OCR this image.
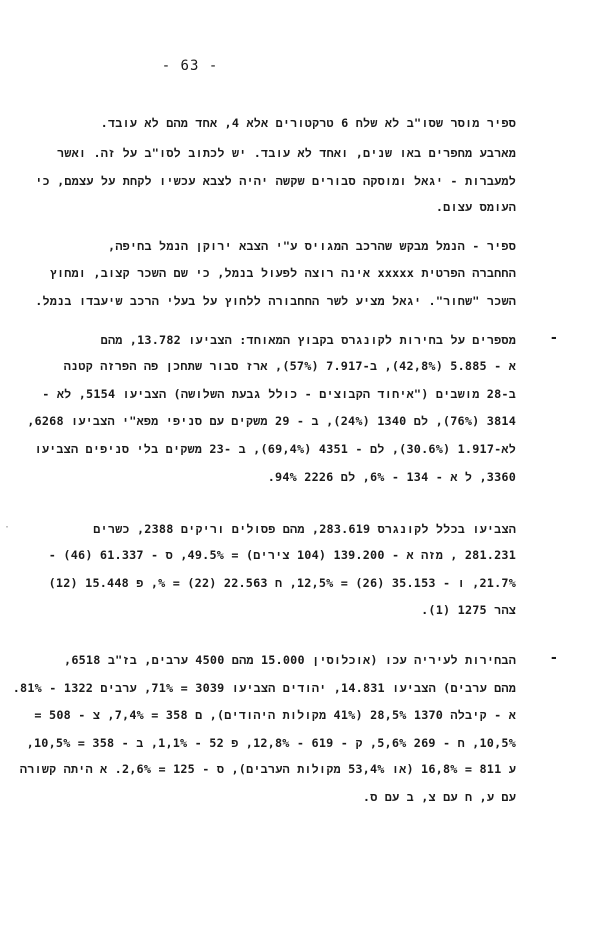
- 63 -
·
ספיר מוסר שסו"ב לא שלח 6 טרקטורים אלא 4, אחד מהם לא עובד.
מארבע מחפרים באו שנים, ואחד לא עובד. יש לכתוב לסו"ב על זה. ואשר
למעברות - יגאל ומוסקה סבורים שקשה יהיה לצבא עכשיו לקחת על עצמם, כי
העומס עצום.
ספיר - הנמל מבקש שהרכב המגויס ע"י הצבא ירוקן הנמל בחיפה,
החחברה הפרטית xxxxx אינה רוצה לפעול בנמל, כי שם השכר קצוב, ומחוץ
השכר "שחור". יגאל מציע לשר החחבורה ללחוץ על בעלי הרכב שיעבדו בנמל.
-
מספרים על בחירות לקונגרס בקבוץ המאוחד: הצביעו 13.782, מהם
א - 5.885 (42,8%), ב-7.917 (57%), ארז סבור שתחכן פה הפרזה קטנה
ב-28 מושבים ("איחוד הקבוצים - כולל גבעת השלושה) הצביעו 5154, לא -
3814 (76%), לם 1340 (24%), ב - 29 משקים עם סניפי מפא"י הצביעו 6268,
לא-1.917 (30.6%), לם - 4351 (69,4%), ב -23 משקים בלי סניפים הצביעו
3360, ל א - 134 - 6%, לם 2226 94%.
הצביעו בכלל לקונגרס 283.619, מהם פסולים וריקים 2388, כשרים
281.231 , מזה א - 139.200 (104 צירים) = 49.5%, ס - 61.337 (46) -
21.7%, ו - 35.153 (26) = 12,5%, ח 22.563 (22) = %, פ 15.448 (12)
צהר 1275 (1).
-
הבחירות לעיריה עכו (אוכלוסין 15.000 מהם 4500 ערבים, בז"ב 6518,
מהם ערבים) הצביעו 14.831, יהודים הצביעו 3039 = 71%, ערבים 1322 - 81%.
א - קיבלה 1370 28,5% (41% מקולות היהודים), ם 358 = 7,4%, צ - 508 =
10,5%, ח - 269 5,6%, ק - 619 - 12,8%, פ 52 - 1,1%, ב - 358 = 10,5%,
ע 811 = 16,8% (או 53,4% מקולות הערבים), ס - 125 = 2,6%. א היתה קשורה
עם ע, ח עם צ, ב עם ס.
